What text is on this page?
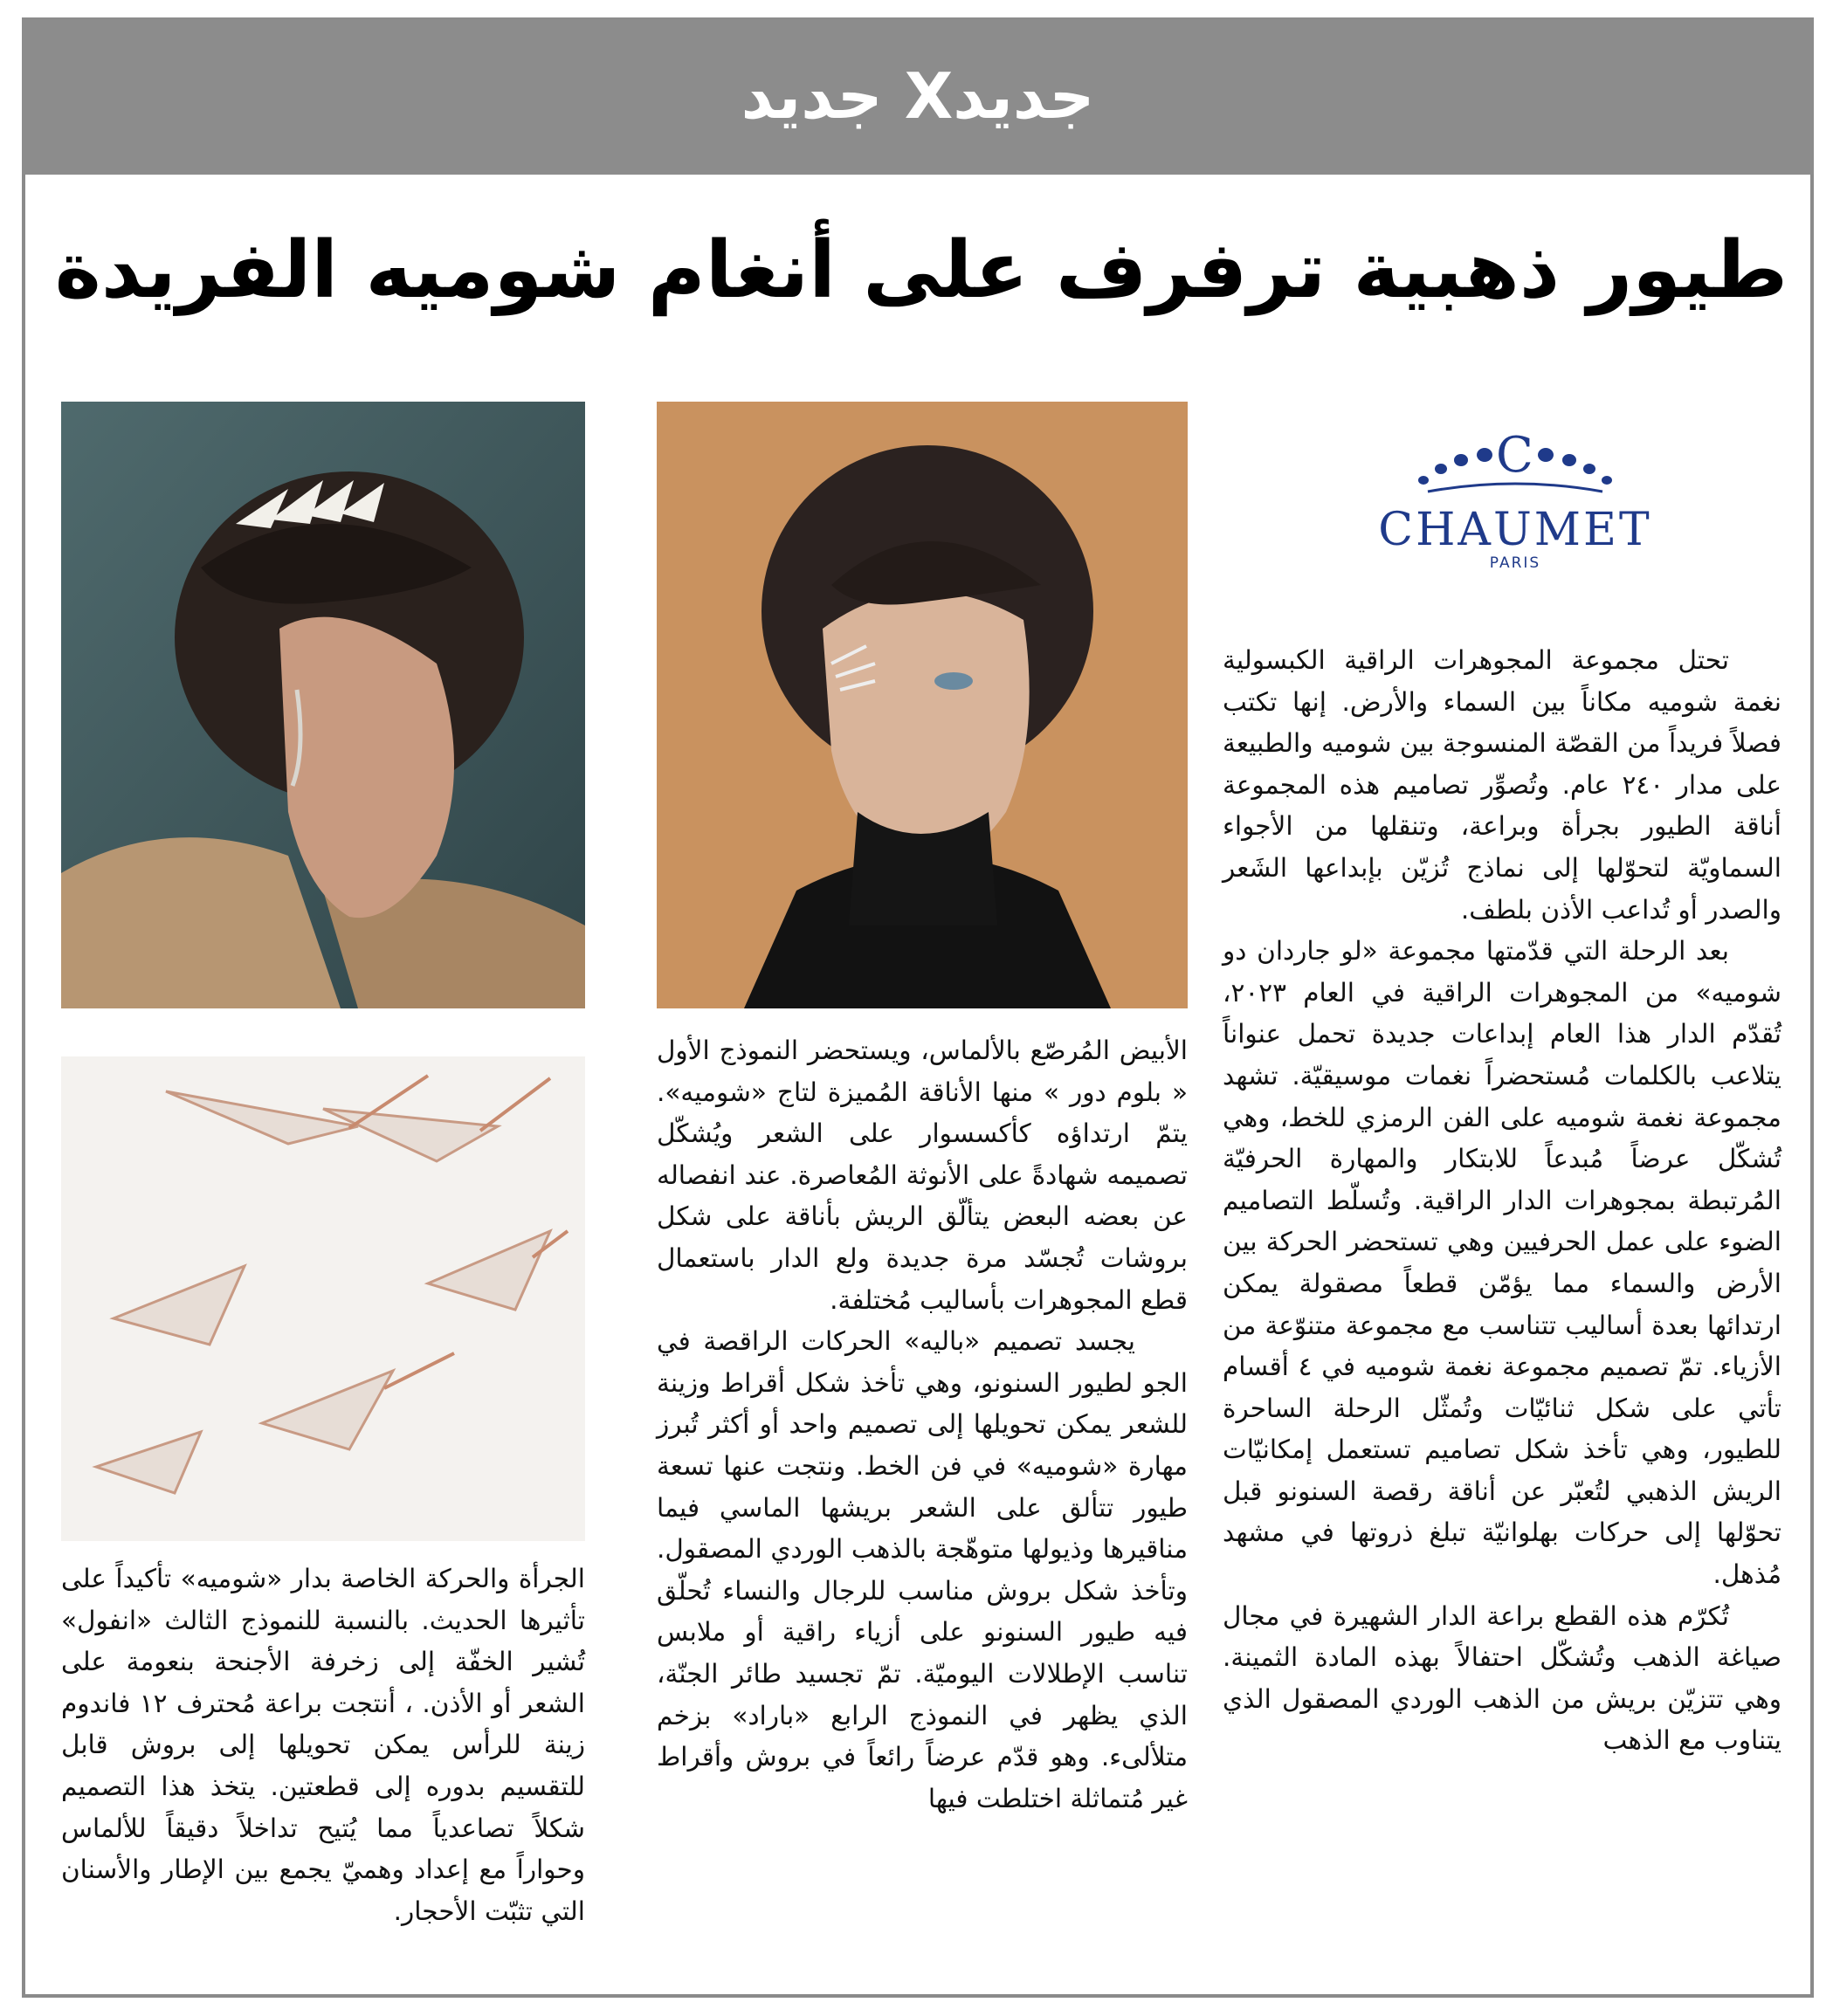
جديدX جديد
طيور ذهبية ترفرف على أنغام شوميه الفريدة
C
CHAUMET
PARIS

تحتل مجموعة المجوهرات الراقية الكبسولية نغمة شوميه مكاناً بين السماء والأرض. إنها تكتب فصلاً فريداً من القصّة المنسوجة بين شوميه والطبيعة على مدار ٢٤٠ عام. وتُصوِّر تصاميم هذه المجموعة أناقة الطيور بجرأة وبراعة، وتنقلها من الأجواء السماويّة لتحوّلها إلى نماذج تُزيّن بإبداعها الشَعر والصدر أو تُداعب الأذن بلطف.

بعد الرحلة التي قدّمتها مجموعة «لو جاردان دو شوميه» من المجوهرات الراقية في العام ٢٠٢٣، تُقدّم الدار هذا العام إبداعات جديدة تحمل عنواناً يتلاعب بالكلمات مُستحضراً نغمات موسيقيّة. تشهد مجموعة نغمة شوميه على الفن الرمزي للخط، وهي تُشكّل عرضاً مُبدعاً للابتكار والمهارة الحرفيّة المُرتبطة بمجوهرات الدار الراقية. وتُسلّط التصاميم الضوء على عمل الحرفيين وهي تستحضر الحركة بين الأرض والسماء مما يؤمّن قطعاً مصقولة يمكن ارتدائها بعدة أساليب تتناسب مع مجموعة متنوّعة من الأزياء. تمّ تصميم مجموعة نغمة شوميه في ٤ أقسام تأتي على شكل ثنائيّات وتُمثّل الرحلة الساحرة للطيور، وهي تأخذ شكل تصاميم تستعمل إمكانيّات الريش الذهبي لتُعبّر عن أناقة رقصة السنونو قبل تحوّلها إلى حركات بهلوانيّة تبلغ ذروتها في مشهد مُذهل.

تُكرّم هذه القطع براعة الدار الشهيرة في مجال صياغة الذهب وتُشكّل احتفالاً بهذه المادة الثمينة. وهي تتزيّن بريش من الذهب الوردي المصقول الذي يتناوب مع الذهب

الأبيض المُرصّع بالألماس، ويستحضر النموذج الأول « بلوم دور » منها الأناقة المُميزة لتاج «شوميه». يتمّ ارتداؤه كأكسسوار على الشعر ويُشكّل تصميمه شهادةً على الأنوثة المُعاصرة. عند انفصاله عن بعضه البعض يتألّق الريش بأناقة على شكل بروشات تُجسّد مرة جديدة ولع الدار باستعمال قطع المجوهرات بأساليب مُختلفة.

يجسد تصميم «باليه» الحركات الراقصة في الجو لطيور السنونو، وهي تأخذ شكل أقراط وزينة للشعر يمكن تحويلها إلى تصميم واحد أو أكثر تُبرز مهارة «شوميه» في فن الخط. ونتجت عنها تسعة طيور تتألق على الشعر بريشها الماسي فيما مناقيرها وذيولها متوهّجة بالذهب الوردي المصقول. وتأخذ شكل بروش مناسب للرجال والنساء تُحلّق فيه طيور السنونو على أزياء راقية أو ملابس تناسب الإطلالات اليوميّة. تمّ تجسيد طائر الجنّة، الذي يظهر في النموذج الرابع «باراد» بزخم متلألىء. وهو قدّم عرضاً رائعاً في بروش وأقراط غير مُتماثلة اختلطت فيها

الجرأة والحركة الخاصة بدار «شوميه» تأكيداً على تأثيرها الحديث. بالنسبة للنموذج الثالث «انفول» تُشير الخفّة إلى زخرفة الأجنحة بنعومة على الشعر أو الأذن. ، أنتجت براعة مُحترف ١٢ فاندوم زينة للرأس يمكن تحويلها إلى بروش قابل للتقسيم بدوره إلى قطعتين. يتخذ هذا التصميم شكلاً تصاعدياً مما يُتيح تداخلاً دقيقاً للألماس وحواراً مع إعداد وهميّ يجمع بين الإطار والأسنان التي تثبّت الأحجار.
